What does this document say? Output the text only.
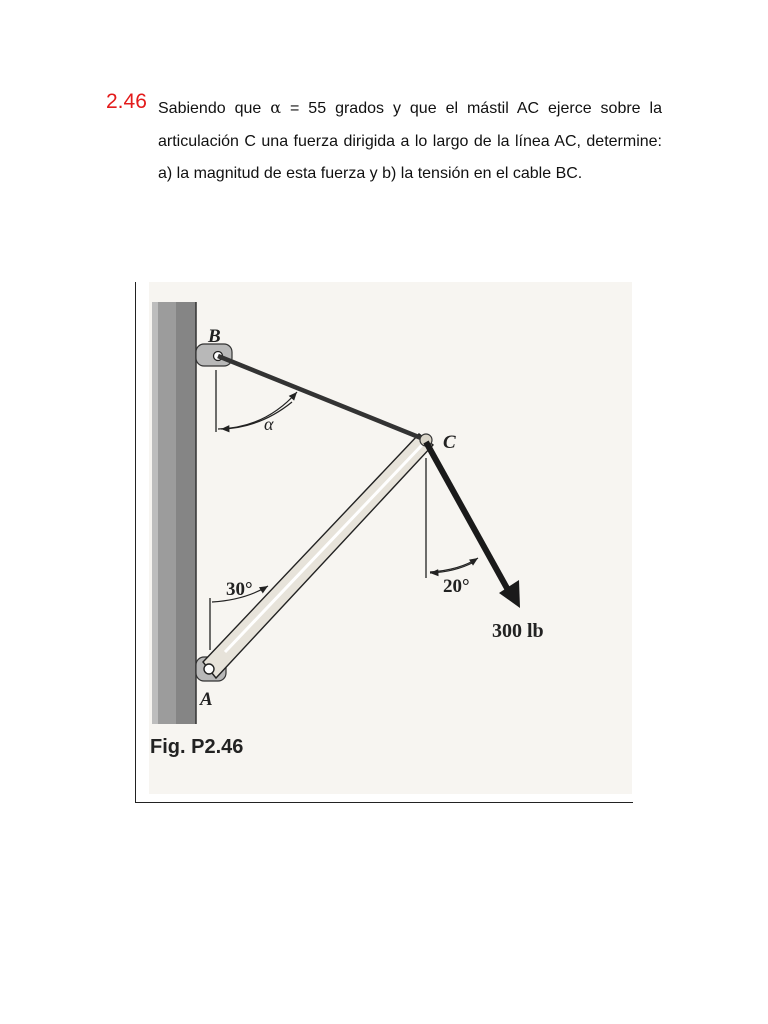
2.46 Sabiendo que α = 55 grados y que el mástil AC ejerce sobre la articulación C una fuerza dirigida a lo largo de la línea AC, determine: a) la magnitud de esta fuerza y b) la tensión en el cable BC.
B
C
A
α
30°	20°
300 lb
Fig. P2.46
